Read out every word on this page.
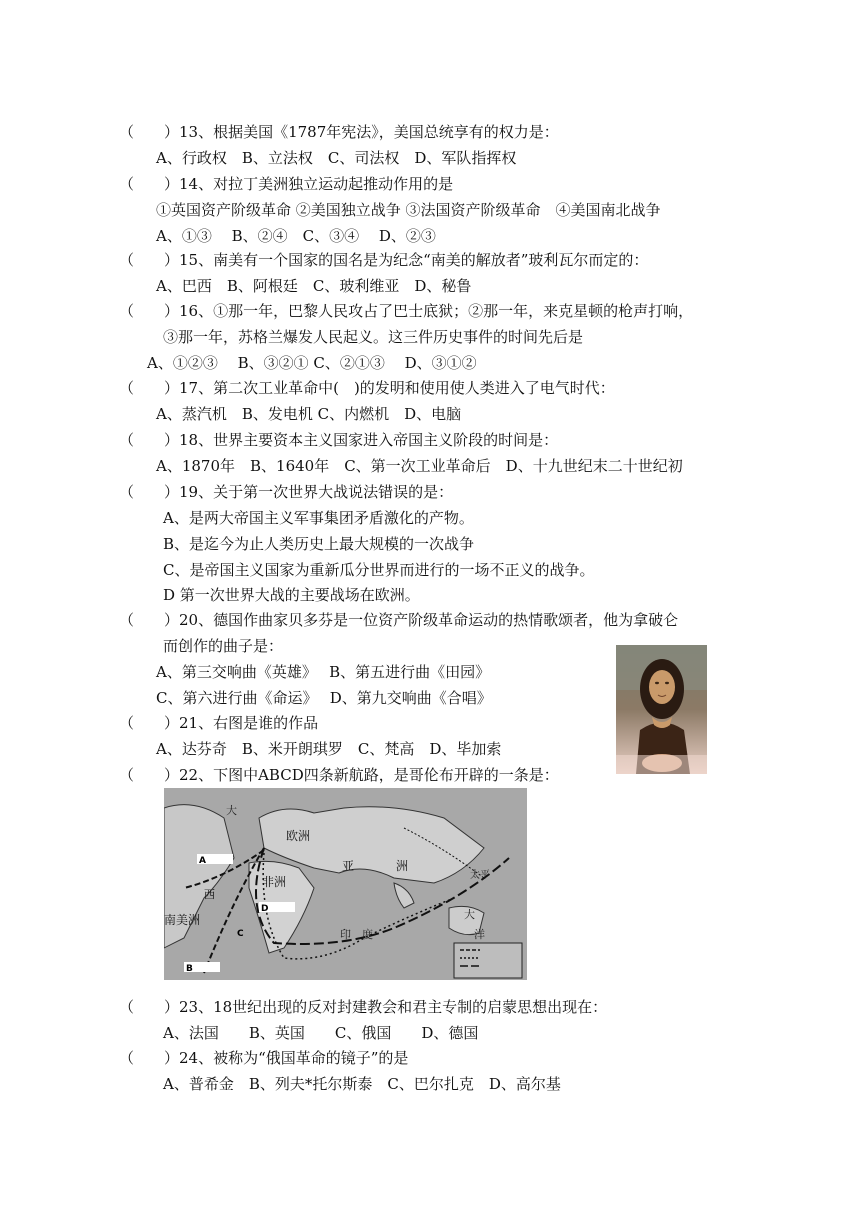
（　　）13、根据美国《1787年宪法》，美国总统享有的权力是：
A、行政权　B、立法权　C、司法权　D、军队指挥权
（　　）14、对拉丁美洲独立运动起推动作用的是
①英国资产阶级革命 ②美国独立战争 ③法国资产阶级革命　④美国南北战争
A、①③　 B、②④　C、③④　 D、②③
（　　）15、南美有一个国家的国名是为纪念“南美的解放者”玻利瓦尔而定的：
A、巴西　B、阿根廷　C、玻利维亚　D、秘鲁
（　　）16、①那一年，巴黎人民攻占了巴士底狱；②那一年，来克星顿的枪声打响，
③那一年，苏格兰爆发人民起义。这三件历史事件的时间先后是
A、①②③　 B、③②① C、②①③　 D、③①②
（　　）17、第二次工业革命中(　)的发明和使用使人类进入了电气时代：
A、蒸汽机　B、发电机 C、内燃机　D、电脑
（　　）18、世界主要资本主义国家进入帝国主义阶段的时间是：
A、1870年　B、1640年　C、第一次工业革命后　D、十九世纪末二十世纪初
（　　）19、关于第一次世界大战说法错误的是：
A、是两大帝国主义军事集团矛盾激化的产物。
B、是迄今为止人类历史上最大规模的一次战争
C、是帝国主义国家为重新瓜分世界而进行的一场不正义的战争。
D 第一次世界大战的主要战场在欧洲。
（　　）20、德国作曲家贝多芬是一位资产阶级革命运动的热情歌颂者，他为拿破仑
而创作的曲子是：
A、第三交响曲《英雄》　 B、第五进行曲《田园》
C、第六进行曲《命运》　 D、第九交响曲《合唱》
（　　）21、右图是谁的作品
A、达芬奇　B、米开朗琪罗　C、梵高　D、毕加索
（　　）22、下图中ABCD四条新航路，是哥伦布开辟的一条是：
大
欧洲
亚	洲
西
非洲
南美洲
太平
印　度
大
洋
A
D
C
B
（　　）23、18世纪出现的反对封建教会和君主专制的启蒙思想出现在：
A、法国　　B、英国　　C、俄国　　D、德国
（　　）24、被称为“俄国革命的镜子”的是
A、普希金　B、列夫*托尔斯泰　C、巴尔扎克　D、高尔基
